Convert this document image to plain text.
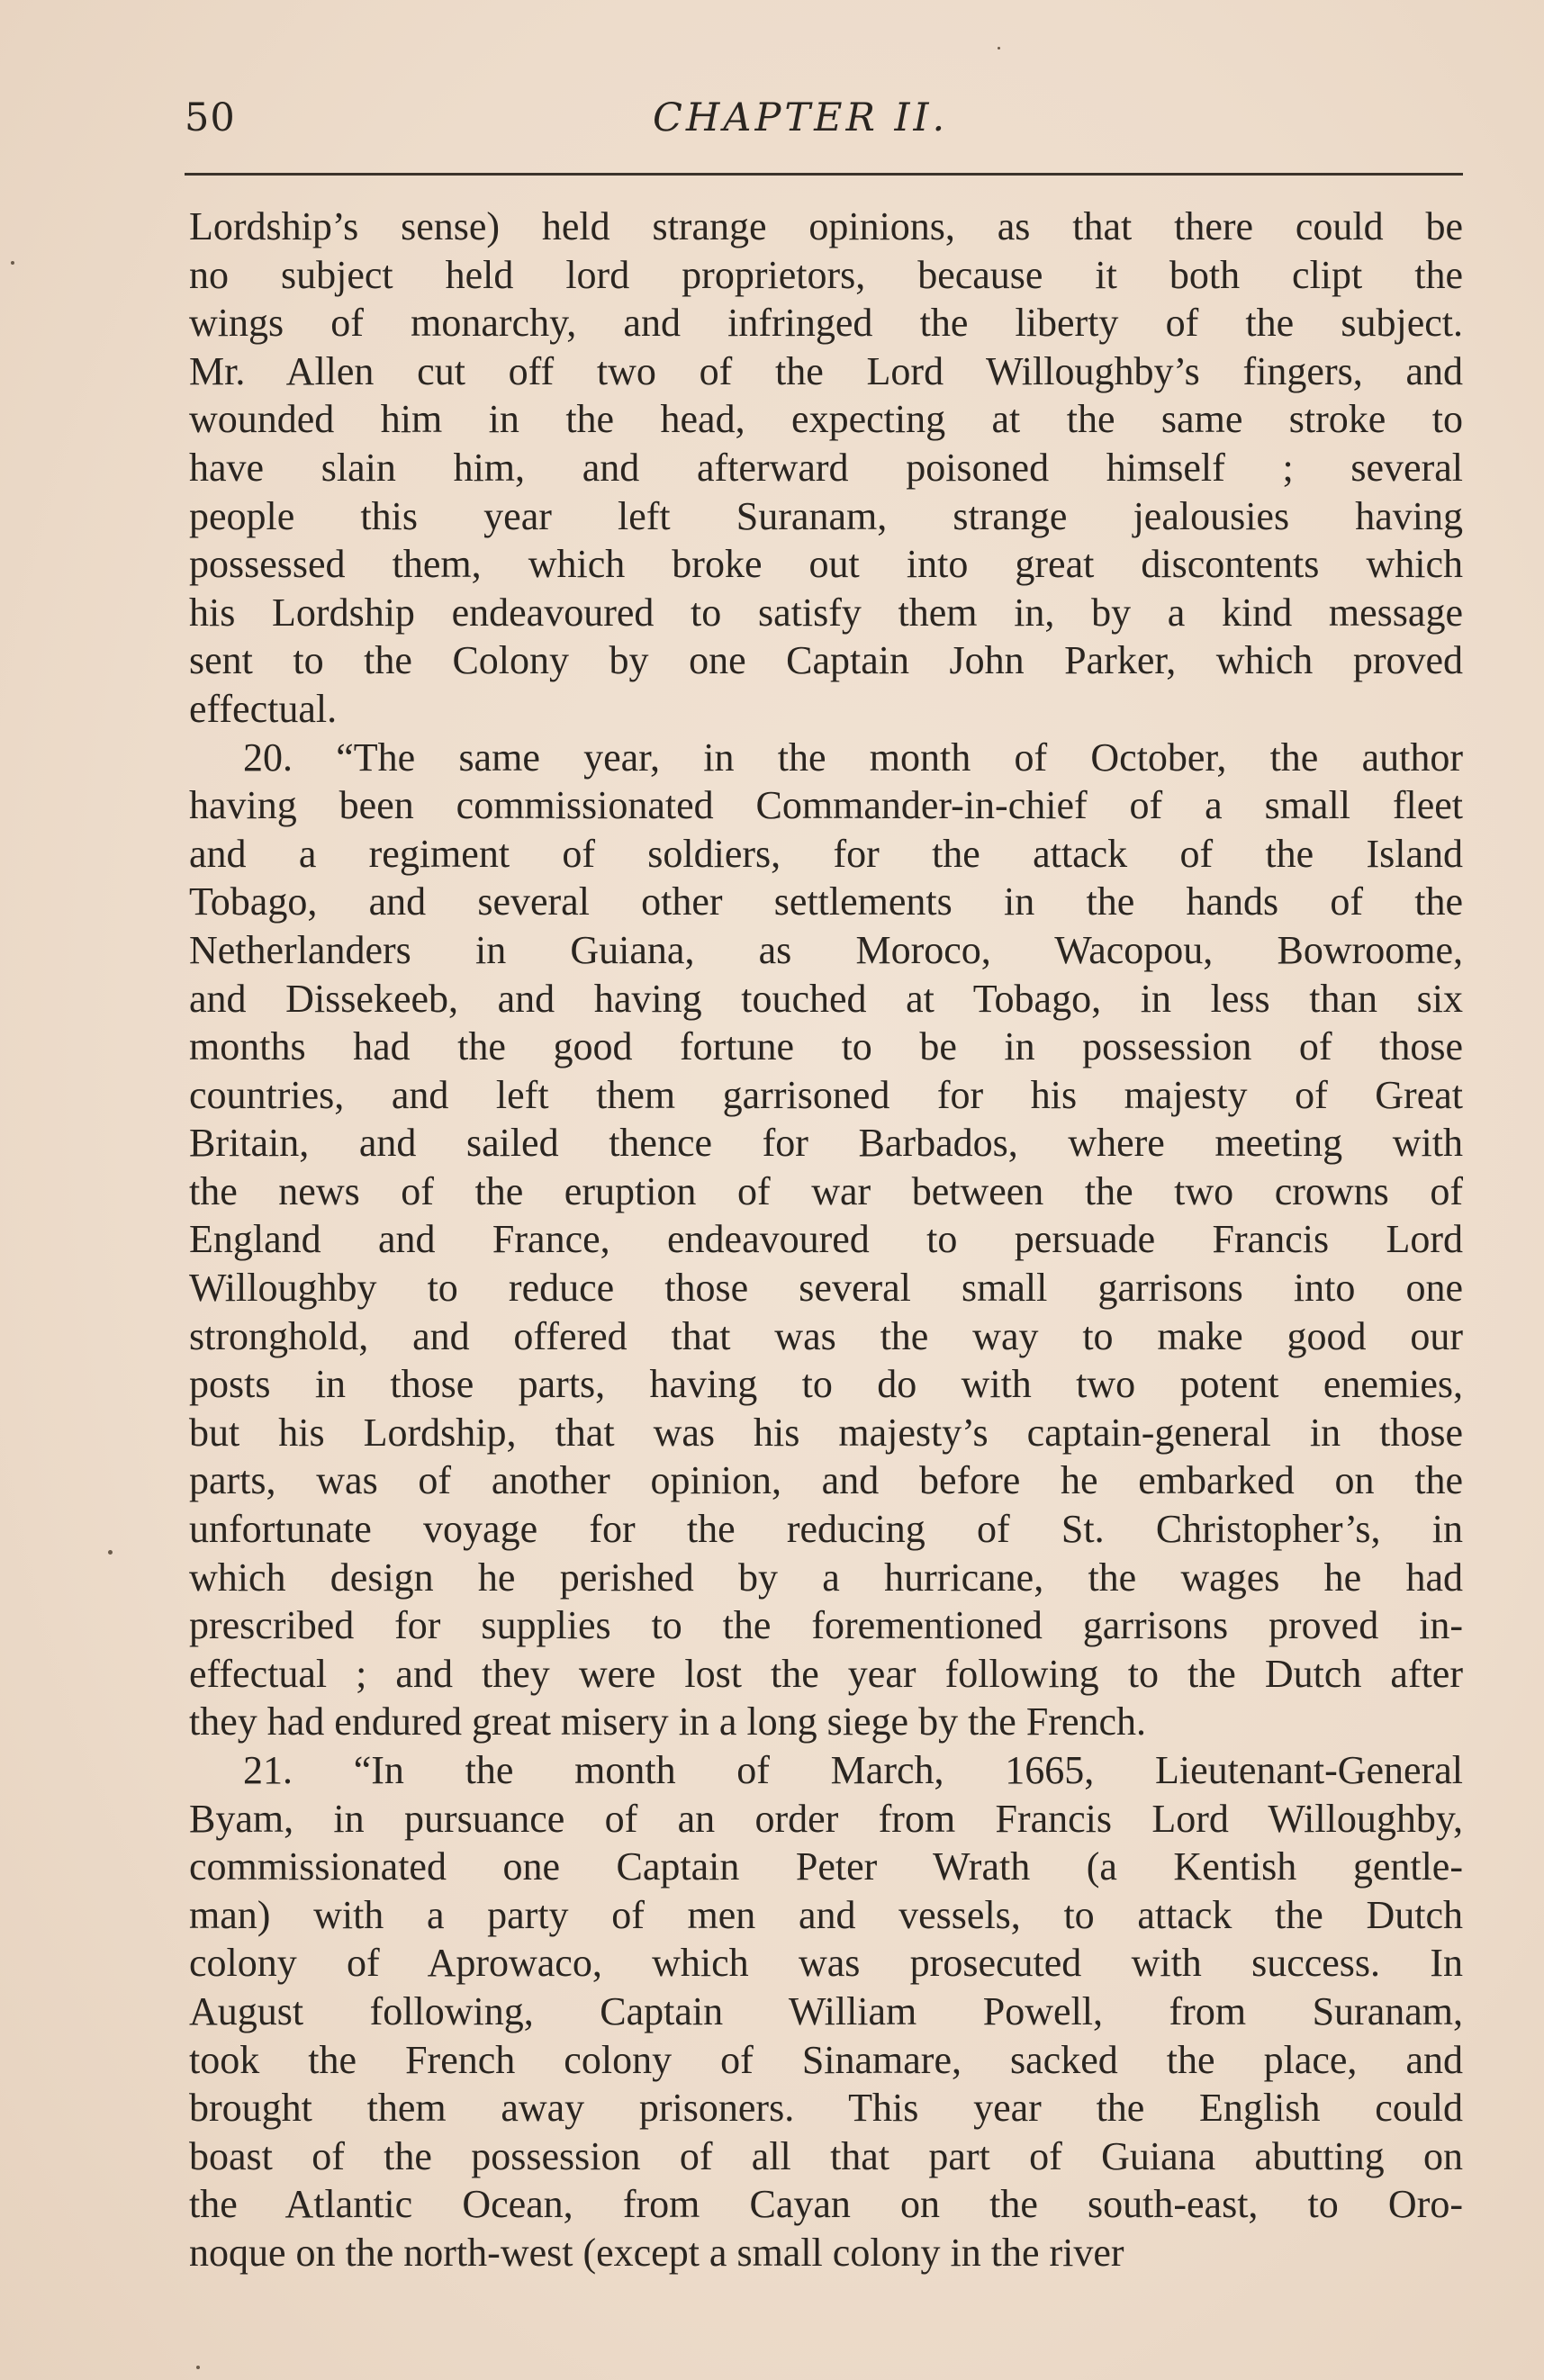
50	CHAPTER II.
Lordship’s sense) held strange opinions, as that there could be
no subject held lord proprietors, because it both clipt the
wings of monarchy, and infringed the liberty of the subject.
Mr. Allen cut off two of the Lord Willoughby’s fingers, and
wounded him in the head, expecting at the same stroke to
have slain him, and afterward poisoned himself ; several
people this year left Suranam, strange jealousies having
possessed them, which broke out into great discontents which
his Lordship endeavoured to satisfy them in, by a kind message
sent to the Colony by one Captain John Parker, which proved
effectual.
20. “The same year, in the month of October, the author
having been commissionated Commander-in-chief of a small fleet
and a regiment of soldiers, for the attack of the Island
Tobago, and several other settlements in the hands of the
Netherlanders in Guiana, as Moroco, Wacopou, Bowroome,
and Dissekeeb, and having touched at Tobago, in less than six
months had the good fortune to be in possession of those
countries, and left them garrisoned for his majesty of Great
Britain, and sailed thence for Barbados, where meeting with
the news of the eruption of war between the two crowns of
England and France, endeavoured to persuade Francis Lord
Willoughby to reduce those several small garrisons into one
stronghold, and offered that was the way to make good our
posts in those parts, having to do with two potent enemies,
but his Lordship, that was his majesty’s captain-general in those
parts, was of another opinion, and before he embarked on the
unfortunate voyage for the reducing of St. Christopher’s, in
which design he perished by a hurricane, the wages he had
prescribed for supplies to the forementioned garrisons proved in-
effectual ; and they were lost the year following to the Dutch after
they had endured great misery in a long siege by the French.
21. “In the month of March, 1665, Lieutenant-General
Byam, in pursuance of an order from Francis Lord Willoughby,
commissionated one Captain Peter Wrath (a Kentish gentle-
man) with a party of men and vessels, to attack the Dutch
colony of Aprowaco, which was prosecuted with success. In
August following, Captain William Powell, from Suranam,
took the French colony of Sinamare, sacked the place, and
brought them away prisoners. This year the English could
boast of the possession of all that part of Guiana abutting on
the Atlantic Ocean, from Cayan on the south-east, to Oro-
noque on the north-west (except a small colony in the river
